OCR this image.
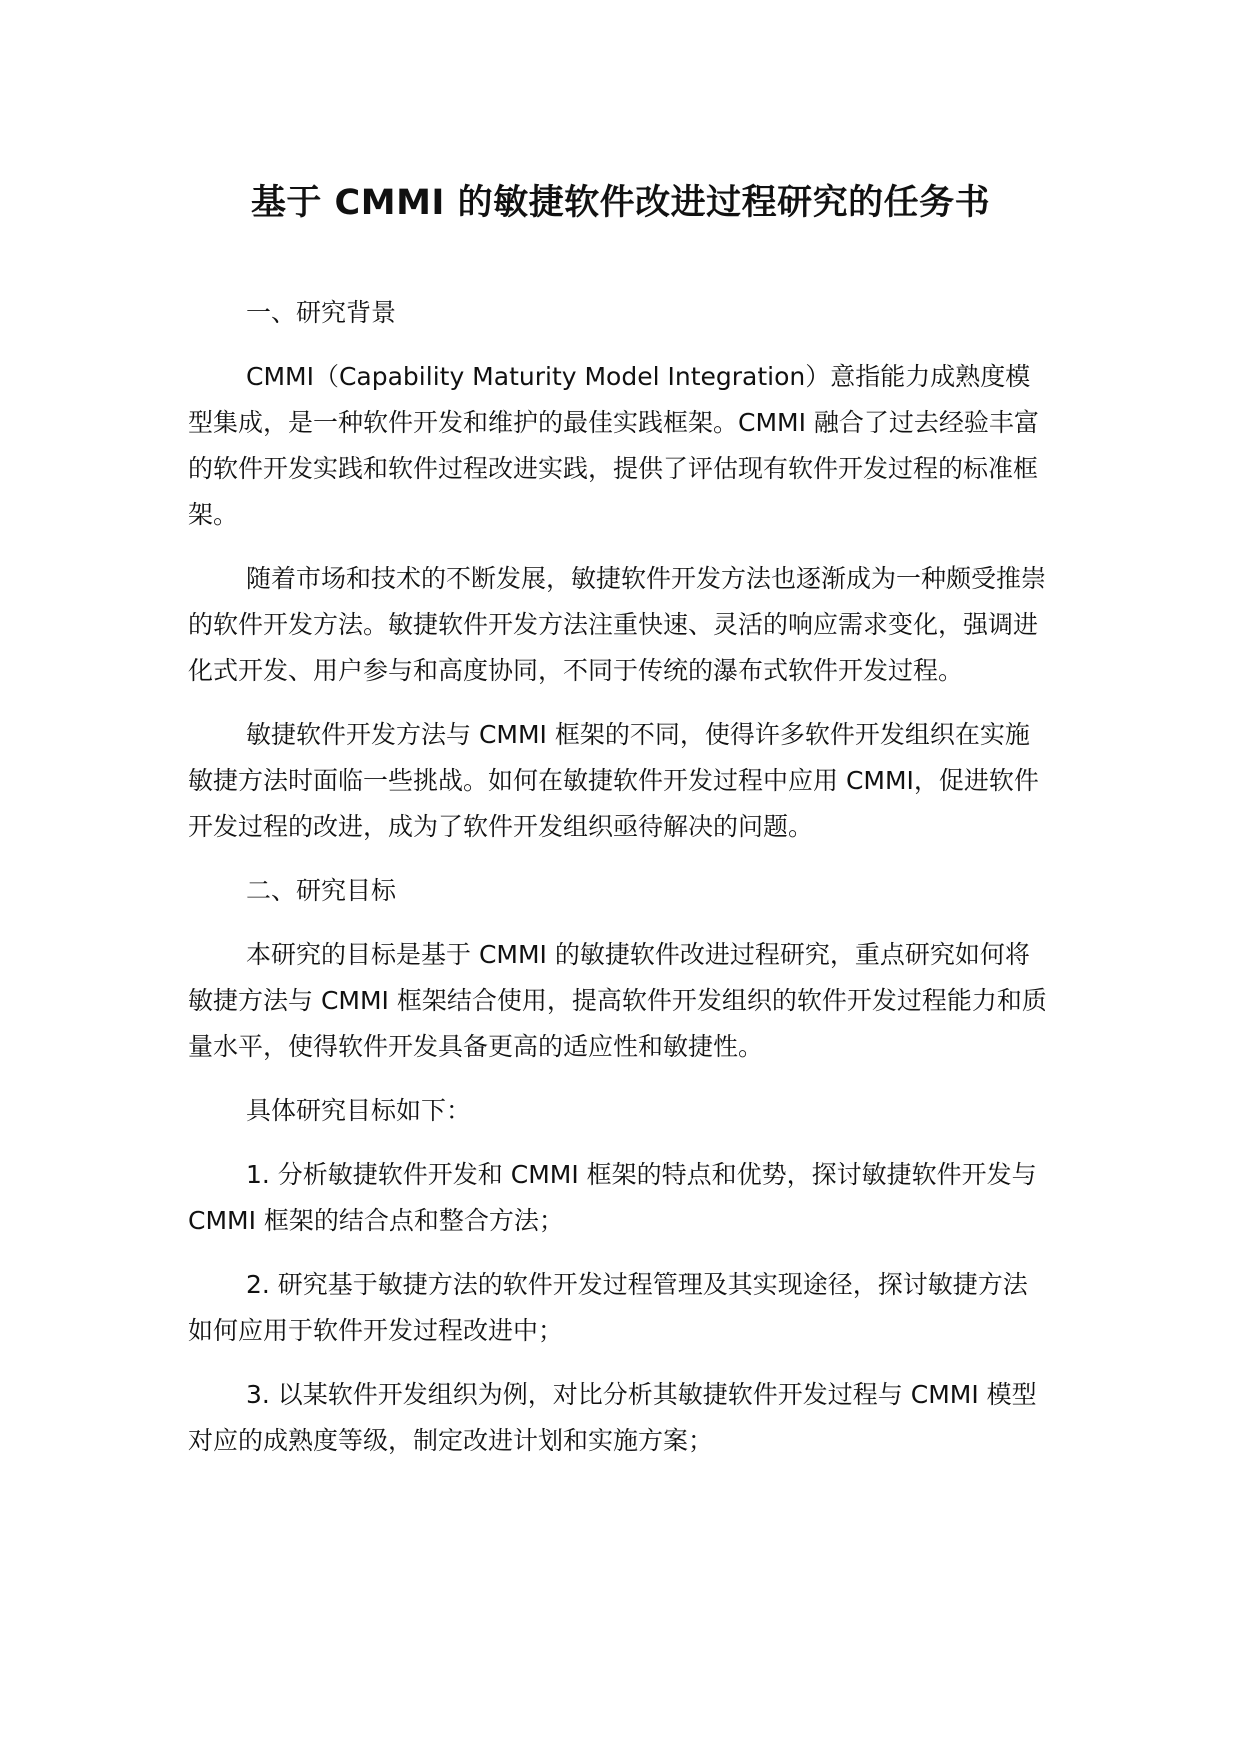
基于 CMMI 的敏捷软件改进过程研究的任务书
一、研究背景

CMMI（Capability Maturity Model Integration）意指能力成熟度模型集成，是一种软件开发和维护的最佳实践框架。CMMI 融合了过去经验丰富的软件开发实践和软件过程改进实践，提供了评估现有软件开发过程的标准框架。

随着市场和技术的不断发展，敏捷软件开发方法也逐渐成为一种颇受推崇的软件开发方法。敏捷软件开发方法注重快速、灵活的响应需求变化，强调进化式开发、用户参与和高度协同，不同于传统的瀑布式软件开发过程。

敏捷软件开发方法与 CMMI 框架的不同，使得许多软件开发组织在实施敏捷方法时面临一些挑战。如何在敏捷软件开发过程中应用 CMMI，促进软件开发过程的改进，成为了软件开发组织亟待解决的问题。

二、研究目标

本研究的目标是基于 CMMI 的敏捷软件改进过程研究，重点研究如何将敏捷方法与 CMMI 框架结合使用，提高软件开发组织的软件开发过程能力和质量水平，使得软件开发具备更高的适应性和敏捷性。

具体研究目标如下：

1. 分析敏捷软件开发和 CMMI 框架的特点和优势，探讨敏捷软件开发与 CMMI 框架的结合点和整合方法；

2. 研究基于敏捷方法的软件开发过程管理及其实现途径，探讨敏捷方法如何应用于软件开发过程改进中；

3. 以某软件开发组织为例，对比分析其敏捷软件开发过程与 CMMI 模型对应的成熟度等级，制定改进计划和实施方案；
